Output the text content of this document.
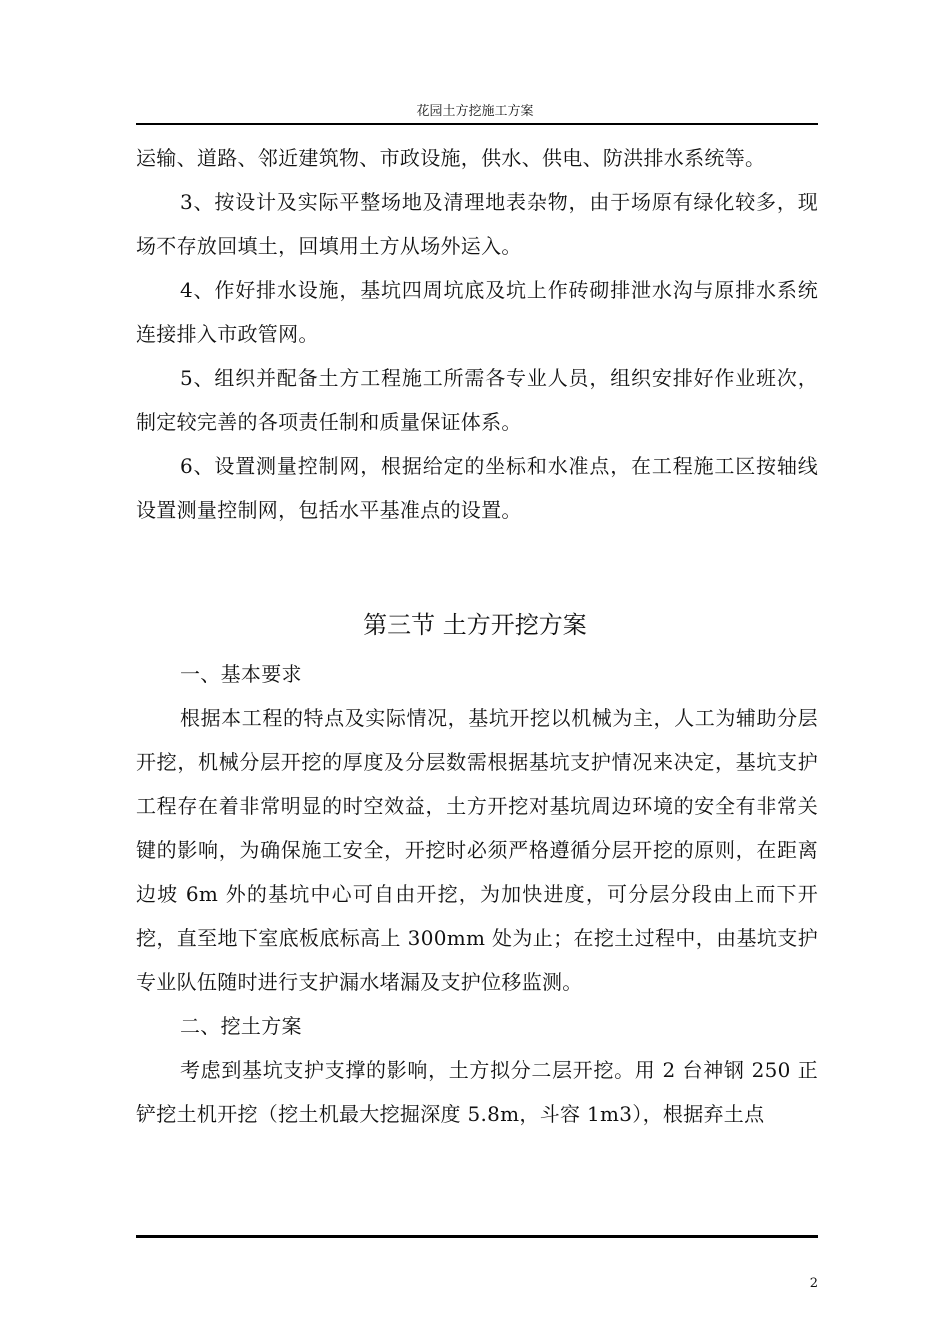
花园土方挖施工方案

运输、道路、邻近建筑物、市政设施，供水、供电、防洪排水系统等。

3、按设计及实际平整场地及清理地表杂物，由于场原有绿化较多，现场不存放回填土，回填用土方从场外运入。

4、作好排水设施，基坑四周坑底及坑上作砖砌排泄水沟与原排水系统连接排入市政管网。

5、组织并配备土方工程施工所需各专业人员，组织安排好作业班次，制定较完善的各项责任制和质量保证体系。

6、设置测量控制网，根据给定的坐标和水准点，在工程施工区按轴线设置测量控制网，包括水平基准点的设置。

第三节 土方开挖方案

一、基本要求

根据本工程的特点及实际情况，基坑开挖以机械为主，人工为辅助分层开挖，机械分层开挖的厚度及分层数需根据基坑支护情况来决定，基坑支护工程存在着非常明显的时空效益，土方开挖对基坑周边环境的安全有非常关键的影响，为确保施工安全，开挖时必须严格遵循分层开挖的原则，在距离边坡 6m 外的基坑中心可自由开挖，为加快进度，可分层分段由上而下开挖，直至地下室底板底标高上 300mm 处为止；在挖土过程中，由基坑支护专业队伍随时进行支护漏水堵漏及支护位移监测。

二、挖土方案

考虑到基坑支护支撑的影响，土方拟分二层开挖。用 2 台神钢 250 正铲挖土机开挖（挖土机最大挖掘深度 5.8m，斗容 1m3），根据弃土点

2
